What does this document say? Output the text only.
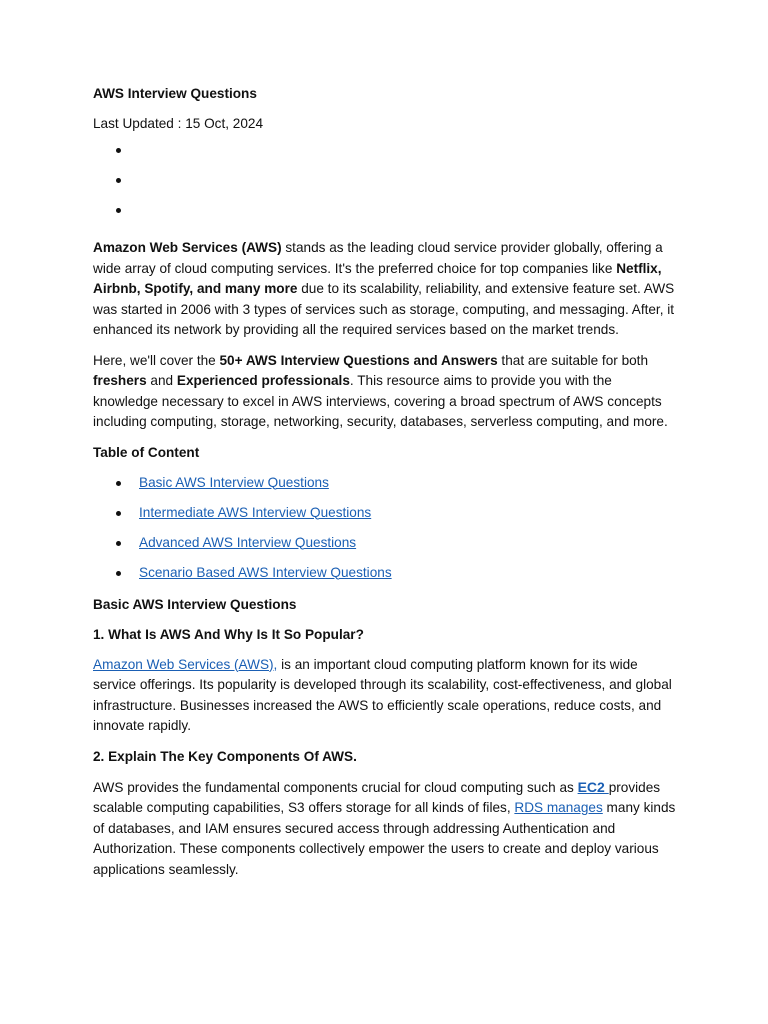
AWS Interview Questions
Last Updated : 15 Oct, 2024

Amazon Web Services (AWS) stands as the leading cloud service provider globally, offering a wide array of cloud computing services. It's the preferred choice for top companies like Netflix, Airbnb, Spotify, and many more due to its scalability, reliability, and extensive feature set. AWS was started in 2006 with 3 types of services such as storage, computing, and messaging. After, it enhanced its network by providing all the required services based on the market trends.

Here, we'll cover the 50+ AWS Interview Questions and Answers that are suitable for both freshers and Experienced professionals. This resource aims to provide you with the knowledge necessary to excel in AWS interviews, covering a broad spectrum of AWS concepts including computing, storage, networking, security, databases, serverless computing, and more.

Table of Content
Basic AWS Interview Questions
Intermediate AWS Interview Questions
Advanced AWS Interview Questions
Scenario Based AWS Interview Questions
Basic AWS Interview Questions
1. What Is AWS And Why Is It So Popular?

Amazon Web Services (AWS), is an important cloud computing platform known for its wide service offerings. Its popularity is developed through its scalability, cost-effectiveness, and global infrastructure. Businesses increased the AWS to efficiently scale operations, reduce costs, and innovate rapidly.

2. Explain The Key Components Of AWS.

AWS provides the fundamental components crucial for cloud computing such as EC2 provides scalable computing capabilities, S3 offers storage for all kinds of files, RDS manages many kinds of databases, and IAM ensures secured access through addressing Authentication and Authorization. These components collectively empower the users to create and deploy various applications seamlessly.
